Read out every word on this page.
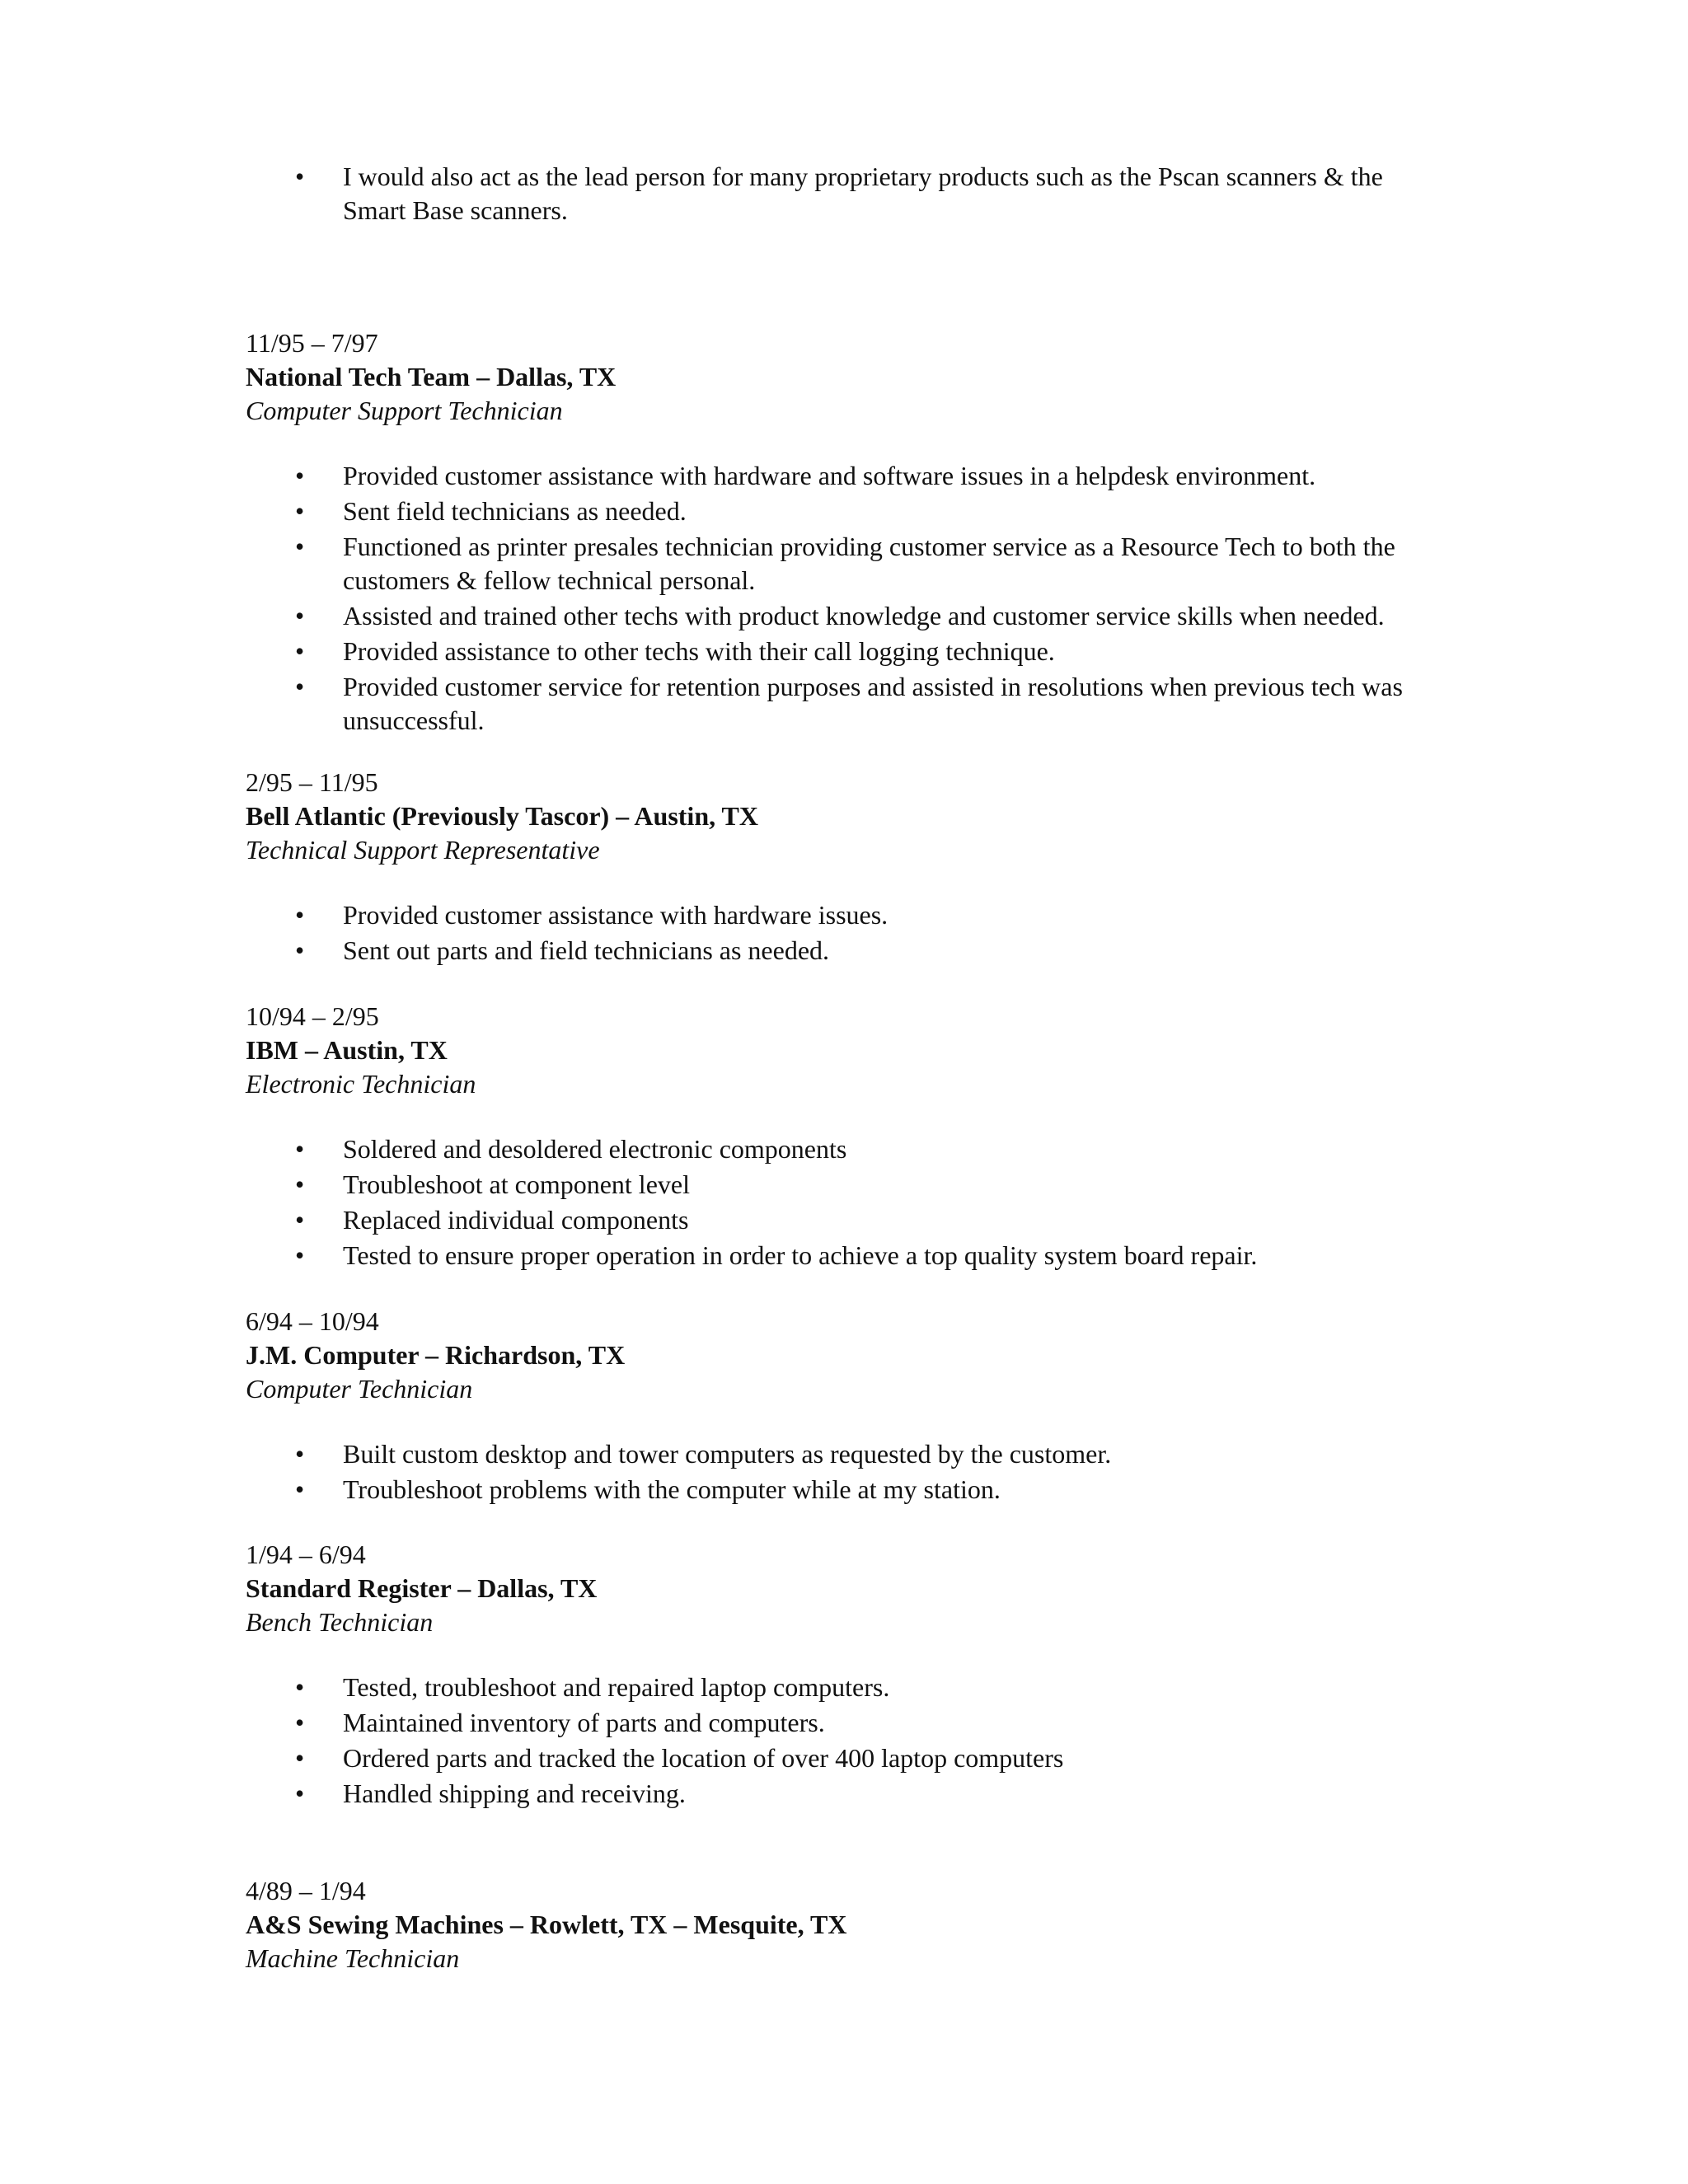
• I would also act as the lead person for many proprietary products such as the Pscan scanners & the Smart Base scanners.
11/95 – 7/97
National Tech Team – Dallas, TX
Computer Support Technician
• Provided customer assistance with hardware and software issues in a helpdesk environment.
• Sent field technicians as needed.
• Functioned as printer presales technician providing customer service as a Resource Tech to both the customers & fellow technical personal.
• Assisted and trained other techs with product knowledge and customer service skills when needed.
• Provided assistance to other techs with their call logging technique.
• Provided customer service for retention purposes and assisted in resolutions when previous tech was unsuccessful.
2/95 – 11/95
Bell Atlantic (Previously Tascor) – Austin, TX
Technical Support Representative
• Provided customer assistance with hardware issues.
• Sent out parts and field technicians as needed.
10/94 – 2/95
IBM – Austin, TX
Electronic Technician
• Soldered and desoldered electronic components
• Troubleshoot at component level
• Replaced individual components
• Tested to ensure proper operation in order to achieve a top quality system board repair.
6/94 – 10/94
J.M. Computer – Richardson, TX
Computer Technician
• Built custom desktop and tower computers as requested by the customer.
• Troubleshoot problems with the computer while at my station.
1/94 – 6/94
Standard Register – Dallas, TX
Bench Technician
• Tested, troubleshoot and repaired laptop computers.
• Maintained inventory of parts and computers.
• Ordered parts and tracked the location of over 400 laptop computers
• Handled shipping and receiving.
4/89 – 1/94
A&S Sewing Machines – Rowlett, TX – Mesquite, TX
Machine Technician
